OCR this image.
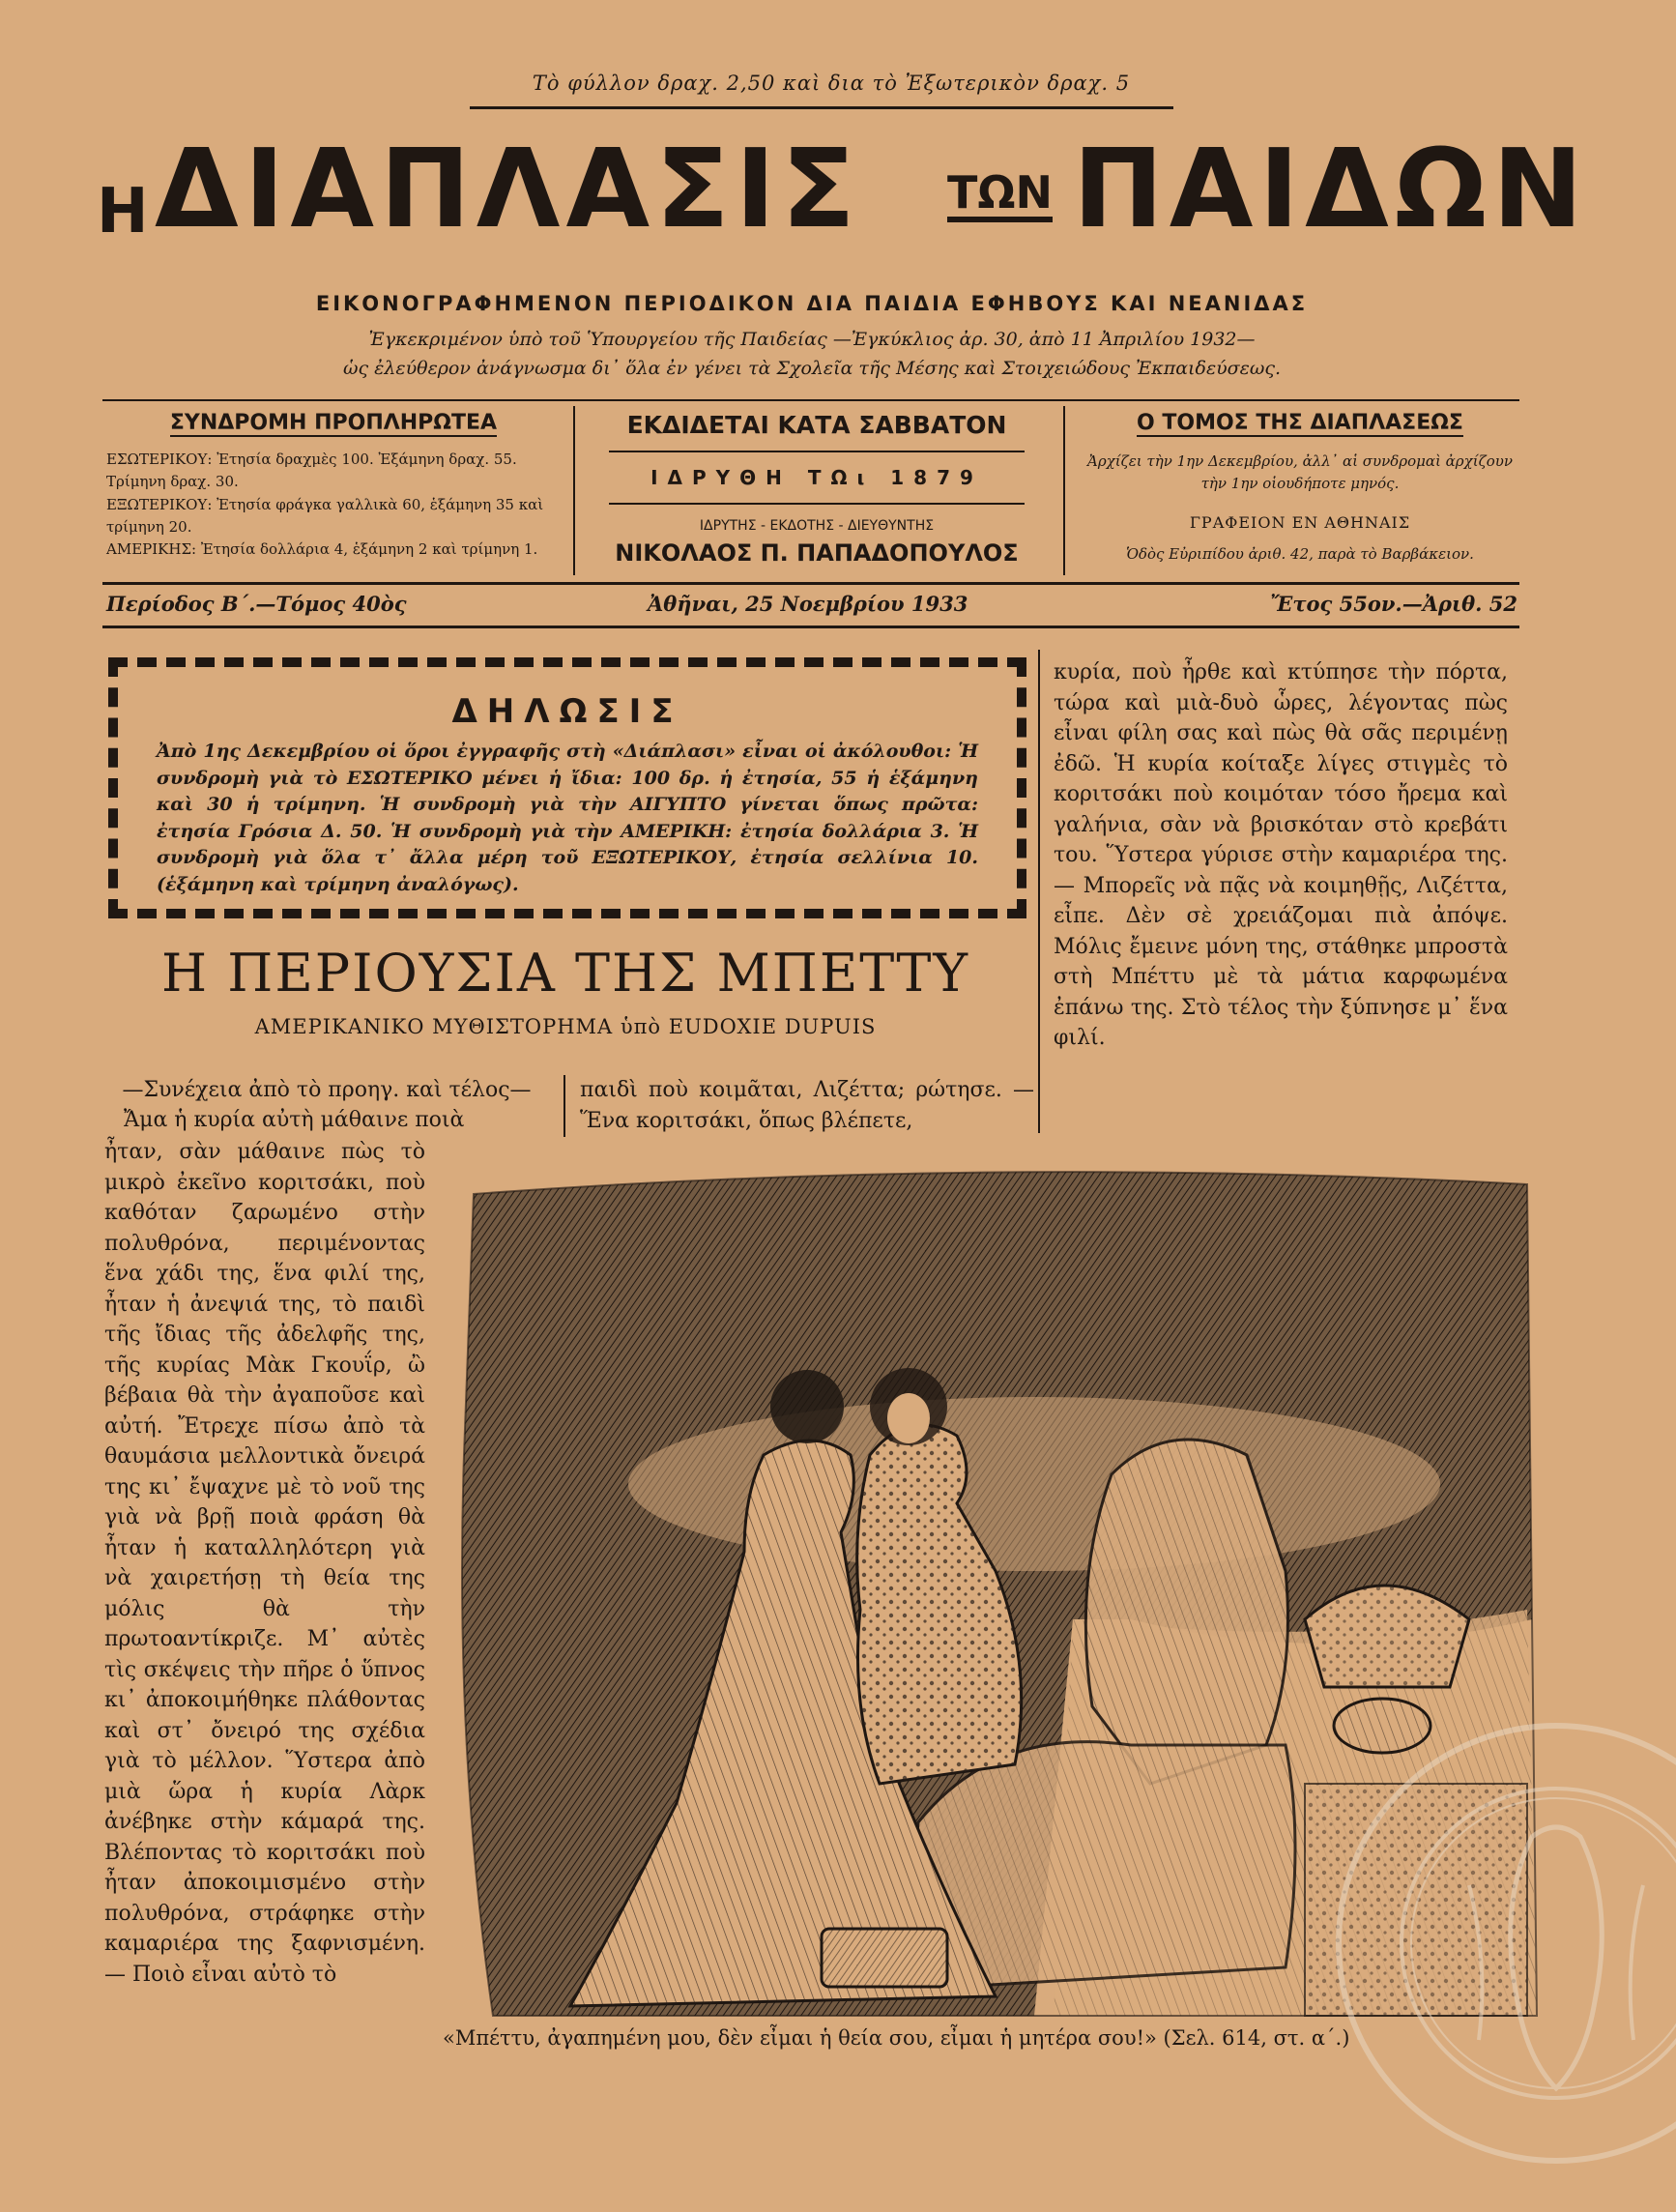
Τὸ φύλλον δραχ. 2,50 καὶ δια τὸ Ἐξωτερικὸν δραχ. 5
Η ΔΙΑΠΛΑΣΙΣ ΤΩΝ ΠΑΙΔΩΝ
ΕΙΚΟΝΟΓΡΑΦΗΜΕΝΟΝ ΠΕΡΙΟΔΙΚΟΝ ΔΙΑ ΠΑΙΔΙΑ ΕΦΗΒΟΥΣ ΚΑΙ ΝΕΑΝΙΔΑΣ
Ἐγκεκριμένον ὑπὸ τοῦ Ὑπουργείου τῆς Παιδείας —Ἐγκύκλιος ἀρ. 30, ἀπὸ 11 Ἀπριλίου 1932—
ὡς ἐλεύθερον ἀνάγνωσμα δι᾽ ὅλα ἐν γένει τὰ Σχολεῖα τῆς Μέσης καὶ Στοιχειώδους Ἐκπαιδεύσεως.
ΣΥΝΔΡΟΜΗ ΠΡΟΠΛΗΡΩΤΕΑ
ΕΣΩΤΕΡΙΚΟΥ: Ἐτησία δραχμὲς 100. Ἐξάμηνη δραχ. 55. Τρίμηνη δραχ. 30.
ΕΞΩΤΕΡΙΚΟΥ: Ἐτησία φράγκα γαλλικὰ 60, ἑξάμηνη 35 καὶ τρίμηνη 20.
ΑΜΕΡΙΚΗΣ: Ἐτησία δολλάρια 4, ἑξάμηνη 2 καὶ τρίμηνη 1.
ΕΚΔΙΔΕΤΑΙ ΚΑΤΑ ΣΑΒΒΑΤΟΝ
ΙΔΡΥΘΗ ΤΩι 1879
ΙΔΡΥΤΗΣ - ΕΚΔΟΤΗΣ - ΔΙΕΥΘΥΝΤΗΣ
ΝΙΚΟΛΑΟΣ Π. ΠΑΠΑΔΟΠΟΥΛΟΣ
Ο ΤΟΜΟΣ ΤΗΣ ΔΙΑΠΛΑΣΕΩΣ
Ἀρχίζει τὴν 1ην Δεκεμβρίου, ἀλλ᾽ αἱ συνδρομαὶ ἀρχίζουν τὴν 1ην οἱουδήποτε μηνός.
ΓΡΑΦΕΙΟΝ ΕΝ ΑΘΗΝΑΙΣ
Ὁδὸς Εὐριπίδου ἀριθ. 42, παρὰ τὸ Βαρβάκειον.
Περίοδος Β΄.—Τόμος 40ὸς	Ἀθῆναι, 25 Νοεμβρίου 1933	Ἔτος 55ον.—Ἀριθ. 52
ΔΗΛΩΣΙΣ
Ἀπὸ 1ης Δεκεμβρίου οἱ ὅροι ἐγγραφῆς στὴ «Διάπλασι» εἶναι οἱ ἀκόλουθοι: Ἡ συνδρομὴ γιὰ τὸ ΕΣΩΤΕΡΙΚΟ μένει ἡ ἴδια: 100 δρ. ἡ ἐτησία, 55 ἡ ἑξάμηνη καὶ 30 ἡ τρίμηνη. Ἡ συνδρομὴ γιὰ τὴν ΑΙΓΥΠΤΟ γίνεται ὅπως πρῶτα: ἐτησία Γρόσια Δ. 50. Ἡ συνδρομὴ γιὰ τὴν ΑΜΕΡΙΚΗ: ἐτησία δολλάρια 3. Ἡ συνδρομὴ γιὰ ὅλα τ᾽ ἄλλα μέρη τοῦ ΕΞΩΤΕΡΙΚΟΥ, ἐτησία σελλίνια 10. (ἑξάμηνη καὶ τρίμηνη ἀναλόγως).
κυρία, ποὺ ἦρθε καὶ κτύπησε τὴν πόρτα, τώρα καὶ μιὰ-δυὸ ὧρες, λέγοντας πὼς εἶναι φίλη σας καὶ πὼς θὰ σᾶς περιμένῃ ἐδῶ. Ἡ κυρία κοίταξε λίγες στιγμὲς τὸ κοριτσάκι ποὺ κοιμόταν τόσο ἤρεμα καὶ γαλήνια, σὰν νὰ βρισκόταν στὸ κρεβάτι του. Ὕστερα γύρισε στὴν καμαριέρα της. — Μπορεῖς νὰ πᾷς νὰ κοιμηθῇς, Λιζέττα, εἶπε. Δὲν σὲ χρειάζομαι πιὰ ἀπόψε. Μόλις ἔμεινε μόνη της, στάθηκε μπροστὰ στὴ Μπέττυ μὲ τὰ μάτια καρφωμένα ἐπάνω της. Στὸ τέλος τὴν ξύπνησε μ᾽ ἕνα φιλί.
Η ΠΕΡΙΟΥΣΙΑ ΤΗΣ ΜΠΕΤΤΥ
ΑΜΕΡΙΚΑΝΙΚΟ ΜΥΘΙΣΤΟΡΗΜΑ ὑπὸ EUDOXIE DUPUIS
—Συνέχεια ἀπὸ τὸ προηγ. καὶ τέλος—
Ἄμα ἡ κυρία αὐτὴ μάθαινε ποιὰ
παιδὶ ποὺ κοιμᾶται, Λιζέττα; ρώτησε. — Ἕνα κοριτσάκι, ὅπως βλέπετε,
ἦταν, σὰν μάθαινε πὼς τὸ μικρὸ ἐκεῖνο κοριτσάκι, ποὺ καθόταν ζαρωμένο στὴν πολυθρόνα, περιμένοντας ἕνα χάδι της, ἕνα φιλί της, ἦταν ἡ ἀνεψιά της, τὸ παιδὶ τῆς ἴδιας τῆς ἀδελφῆς της, τῆς κυρίας Μὰκ Γκουΐρ, ὢ βέβαια θὰ τὴν ἀγαποῦσε καὶ αὐτή. Ἔτρεχε πίσω ἀπὸ τὰ θαυμάσια μελλοντικὰ ὄνειρά της κι᾽ ἔψαχνε μὲ τὸ νοῦ της γιὰ νὰ βρῇ ποιὰ φράση θὰ ἦταν ἡ καταλληλότερη γιὰ νὰ χαιρετήσῃ τὴ θεία της μόλις θὰ τὴν πρωτοαντίκριζε. Μ᾽ αὐτὲς τὶς σκέψεις τὴν πῆρε ὁ ὕπνος κι᾽ ἀποκοιμήθηκε πλάθοντας καὶ στ᾽ ὄνειρό της σχέδια γιὰ τὸ μέλλον. Ὕστερα ἀπὸ μιὰ ὥρα ἡ κυρία Λὰρκ ἀνέβηκε στὴν κάμαρά της. Βλέποντας τὸ κοριτσάκι ποὺ ἦταν ἀποκοιμισμένο στὴν πολυθρόνα, στράφηκε στὴν καμαριέρα της ξαφνισμένη. — Ποιὸ εἶναι αὐτὸ τὸ
«Μπέττυ, ἀγαπημένη μου, δὲν εἶμαι ἡ θεία σου, εἶμαι ἡ μητέρα σου!» (Σελ. 614, στ. α΄.)
